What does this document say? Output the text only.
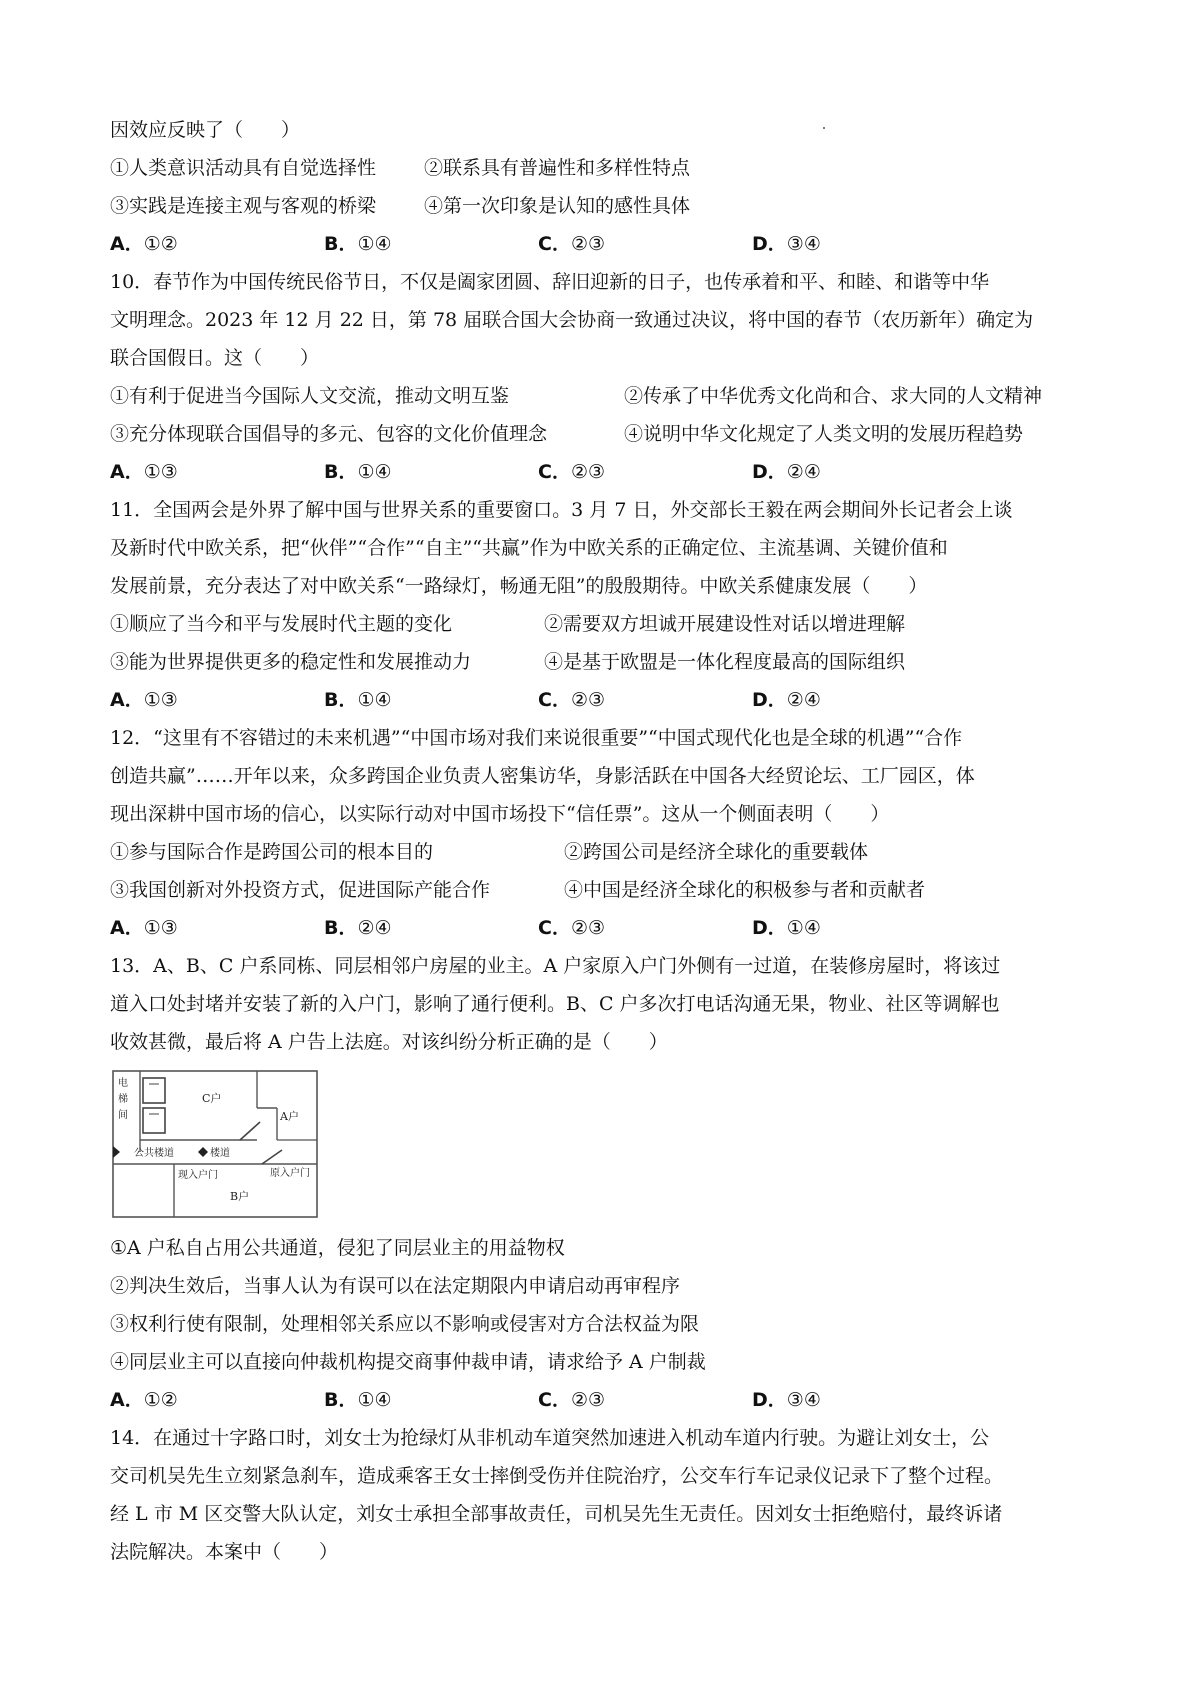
因效应反映了（　　）
①人类意识活动具有自觉选择性	②联系具有普遍性和多样性特点
③实践是连接主观与客观的桥梁	④第一次印象是认知的感性具体
A．①②	B．①④	C．②③	D．③④
10．春节作为中国传统民俗节日，不仅是阖家团圆、辞旧迎新的日子，也传承着和平、和睦、和谐等中华
文明理念。2023 年 12 月 22 日，第 78 届联合国大会协商一致通过决议，将中国的春节（农历新年）确定为
联合国假日。这（　　）
①有利于促进当今国际人文交流，推动文明互鉴	②传承了中华优秀文化尚和合、求大同的人文精神
③充分体现联合国倡导的多元、包容的文化价值理念	④说明中华文化规定了人类文明的发展历程趋势
A．①③	B．①④	C．②③	D．②④
11．全国两会是外界了解中国与世界关系的重要窗口。3 月 7 日，外交部长王毅在两会期间外长记者会上谈
及新时代中欧关系，把“伙伴”“合作”“自主”“共赢”作为中欧关系的正确定位、主流基调、关键价值和
发展前景，充分表达了对中欧关系“一路绿灯，畅通无阻”的殷殷期待。中欧关系健康发展（　　）
①顺应了当今和平与发展时代主题的变化	②需要双方坦诚开展建设性对话以增进理解
③能为世界提供更多的稳定性和发展推动力	④是基于欧盟是一体化程度最高的国际组织
A．①③	B．①④	C．②③	D．②④
12．“这里有不容错过的未来机遇”“中国市场对我们来说很重要”“中国式现代化也是全球的机遇”“合作
创造共赢”……开年以来，众多跨国企业负责人密集访华，身影活跃在中国各大经贸论坛、工厂园区，体
现出深耕中国市场的信心，以实际行动对中国市场投下“信任票”。这从一个侧面表明（　　）
①参与国际合作是跨国公司的根本目的	②跨国公司是经济全球化的重要载体
③我国创新对外投资方式，促进国际产能合作	④中国是经济全球化的积极参与者和贡献者
A．①③	B．②④	C．②③	D．①④
13．A、B、C 户系同栋、同层相邻户房屋的业主。A 户家原入户门外侧有一过道，在装修房屋时，将该过
道入口处封堵并安装了新的入户门，影响了通行便利。B、C 户多次打电话沟通无果，物业、社区等调解也
收效甚微，最后将 A 户告上法庭。对该纠纷分析正确的是（　　）
电
梯
间
C户
A户
公共楼道	楼道
现入户门	原入户门
B户
①A 户私自占用公共通道，侵犯了同层业主的用益物权
②判决生效后，当事人认为有误可以在法定期限内申请启动再审程序
③权利行使有限制，处理相邻关系应以不影响或侵害对方合法权益为限
④同层业主可以直接向仲裁机构提交商事仲裁申请，请求给予 A 户制裁
A．①②	B．①④	C．②③	D．③④
14．在通过十字路口时，刘女士为抢绿灯从非机动车道突然加速进入机动车道内行驶。为避让刘女士，公
交司机吴先生立刻紧急刹车，造成乘客王女士摔倒受伤并住院治疗，公交车行车记录仪记录下了整个过程。
经 L 市 M 区交警大队认定，刘女士承担全部事故责任，司机吴先生无责任。因刘女士拒绝赔付，最终诉诸
法院解决。本案中（　　）
